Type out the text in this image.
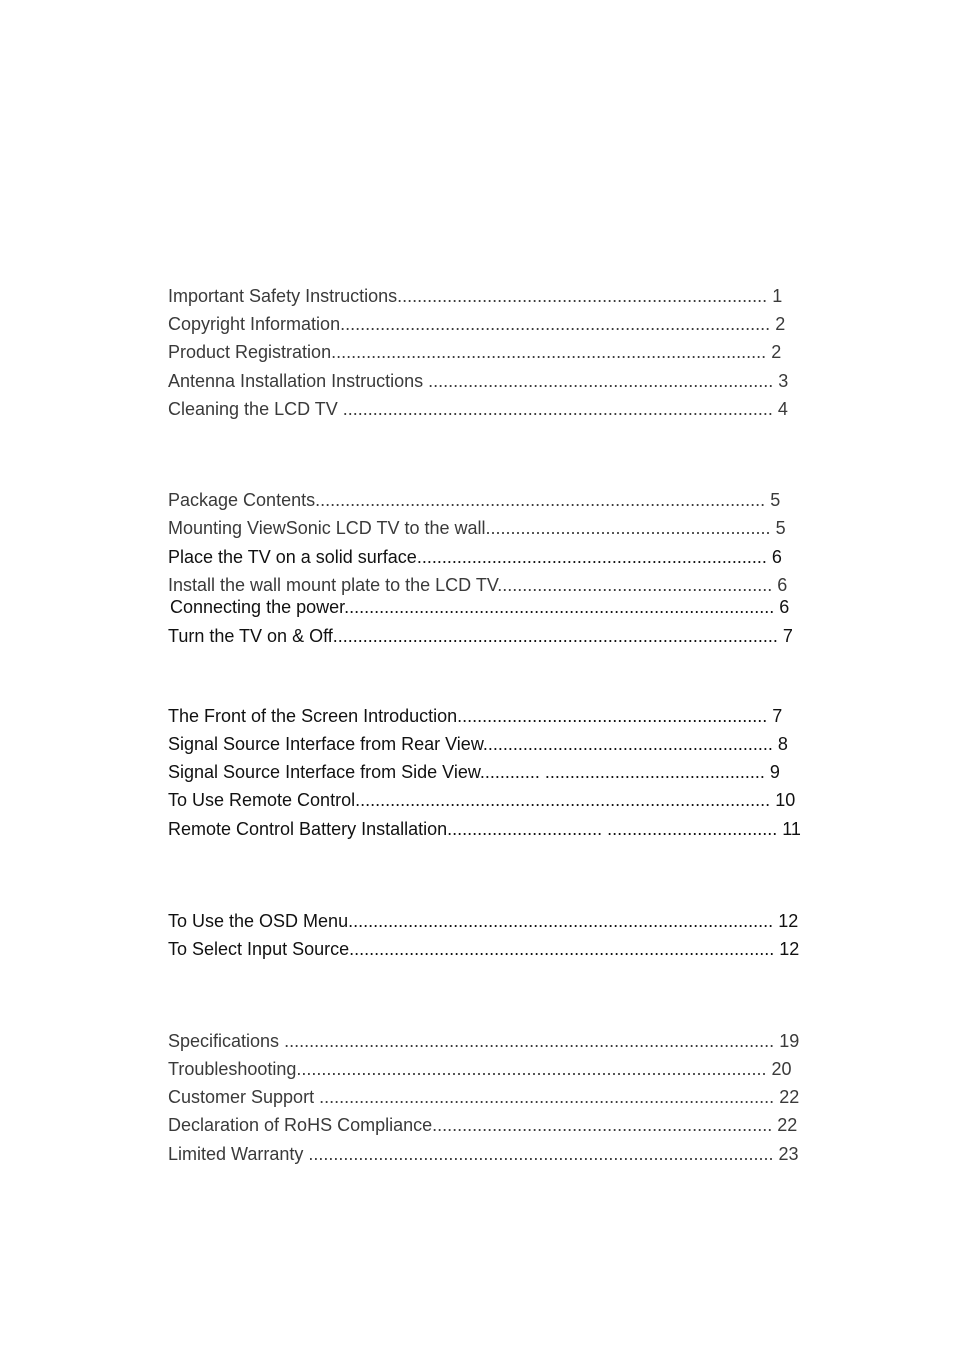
Important Safety Instructions.......................................................................... 1
Copyright Information...................................................................................... 2
Product Registration....................................................................................... 2
Antenna Installation Instructions ..................................................................... 3
Cleaning the LCD TV ...................................................................................... 4
Package Contents.......................................................................................... 5
Mounting ViewSonic LCD TV to the wall......................................................... 5
Place the TV on a solid surface...................................................................... 6
Install the wall mount plate to the LCD TV....................................................... 6
Connecting the power...................................................................................... 6
Turn the TV on & Off......................................................................................... 7
The Front of the Screen Introduction.............................................................. 7
Signal Source Interface from Rear View.......................................................... 8
Signal Source Interface from Side View............ ............................................ 9
To Use Remote Control................................................................................... 10
Remote Control Battery Installation............................... .................................. 11
To Use the OSD Menu..................................................................................... 12
To Select Input Source..................................................................................... 12
Specifications .................................................................................................. 19
Troubleshooting.............................................................................................. 20
Customer Support ........................................................................................... 22
Declaration of RoHS Compliance.................................................................... 22
Limited Warranty ............................................................................................. 23
